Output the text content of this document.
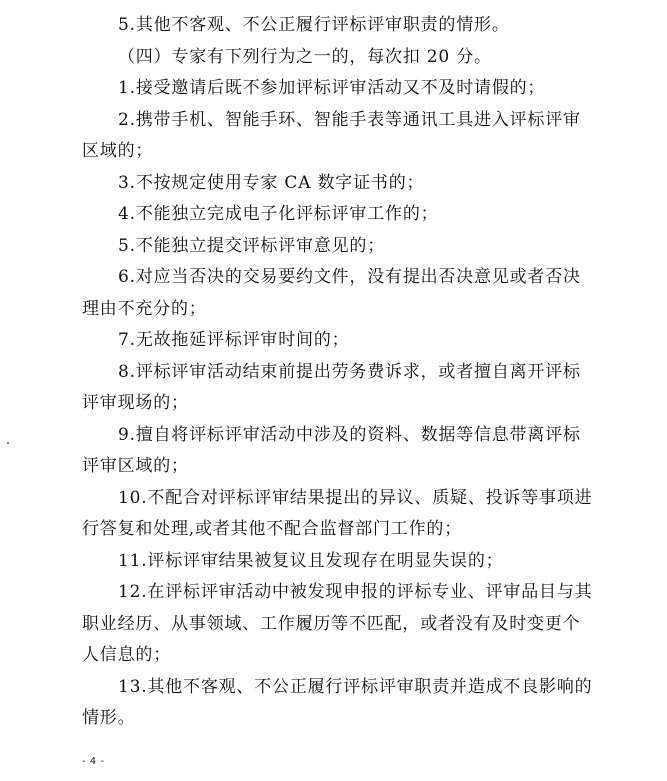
5.其他不客观、不公正履行评标评审职责的情形。
（四）专家有下列行为之一的，每次扣 20 分。
1.接受邀请后既不参加评标评审活动又不及时请假的；
2.携带手机、智能手环、智能手表等通讯工具进入评标评审
区域的；
3.不按规定使用专家 CA 数字证书的；
4.不能独立完成电子化评标评审工作的；
5.不能独立提交评标评审意见的；
6.对应当否决的交易要约文件，没有提出否决意见或者否决
理由不充分的；
7.无故拖延评标评审时间的；
8.评标评审活动结束前提出劳务费诉求，或者擅自离开评标
评审现场的；
9.擅自将评标评审活动中涉及的资料、数据等信息带离评标
评审区域的；
10.不配合对评标评审结果提出的异议、质疑、投诉等事项进
行答复和处理,或者其他不配合监督部门工作的；
11.评标评审结果被复议且发现存在明显失误的；
12.在评标评审活动中被发现申报的评标专业、评审品目与其
职业经历、从事领域、工作履历等不匹配，或者没有及时变更个
人信息的；
13.其他不客观、不公正履行评标评审职责并造成不良影响的
情形。
- 4 -
